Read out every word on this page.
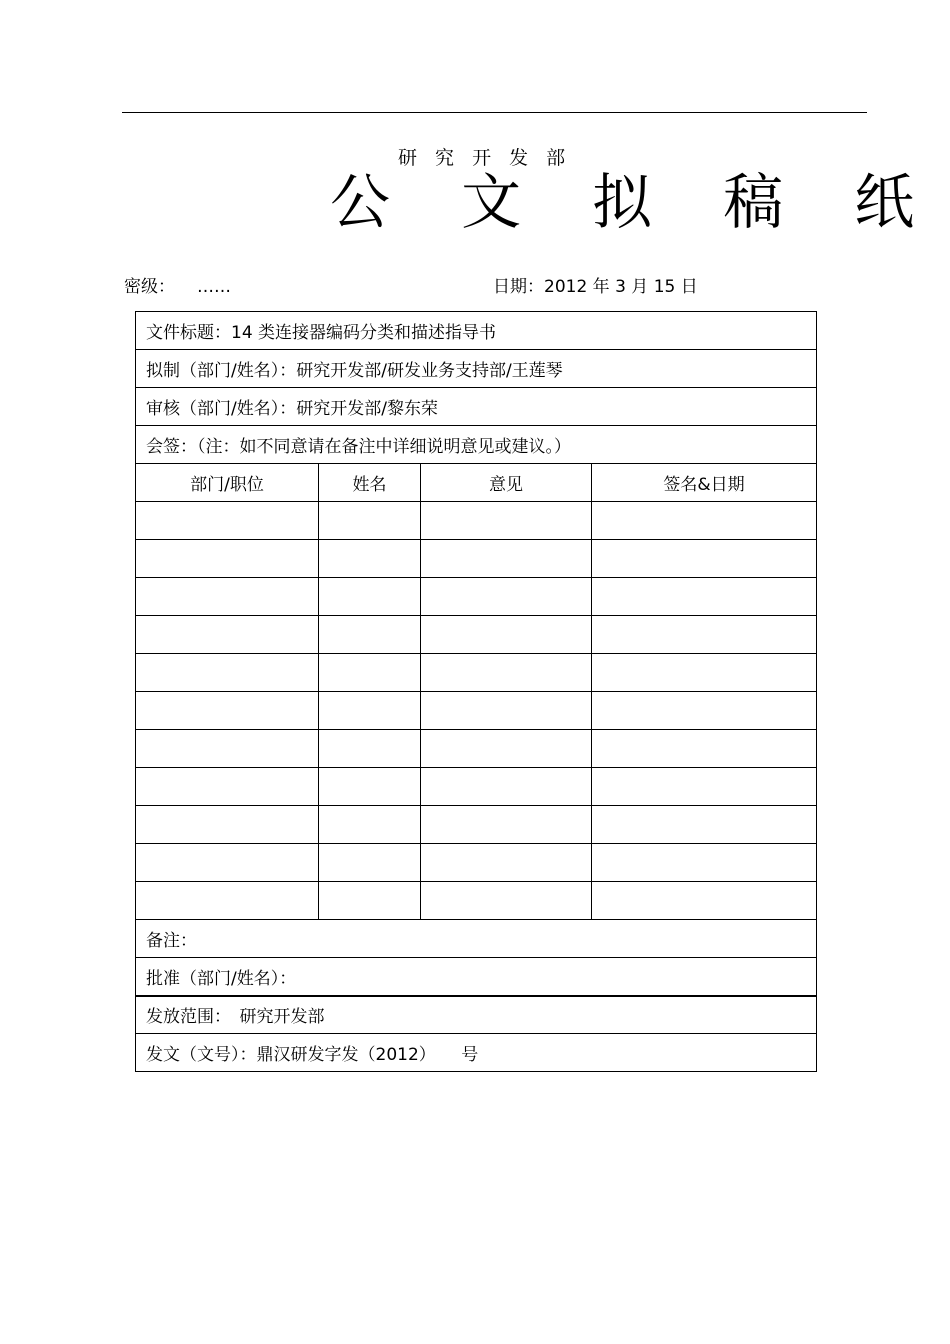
研 究 开 发 部
公 文 拟 稿 纸
密级： ……	日期：2012 年 3 月 15 日
文件标题：14 类连接器编码分类和描述指导书			
拟制（部门/姓名）：研究开发部/研发业务支持部/王莲琴			
审核（部门/姓名）：研究开发部/黎东荣			
会签：（注：如不同意请在备注中详细说明意见或建议。）			
部门/职位	姓名	意见	签名&日期

备注：			
批准（部门/姓名）：			
发放范围：　研究开发部			
发文（文号）：鼎汉研发字发（2012）　　号			
